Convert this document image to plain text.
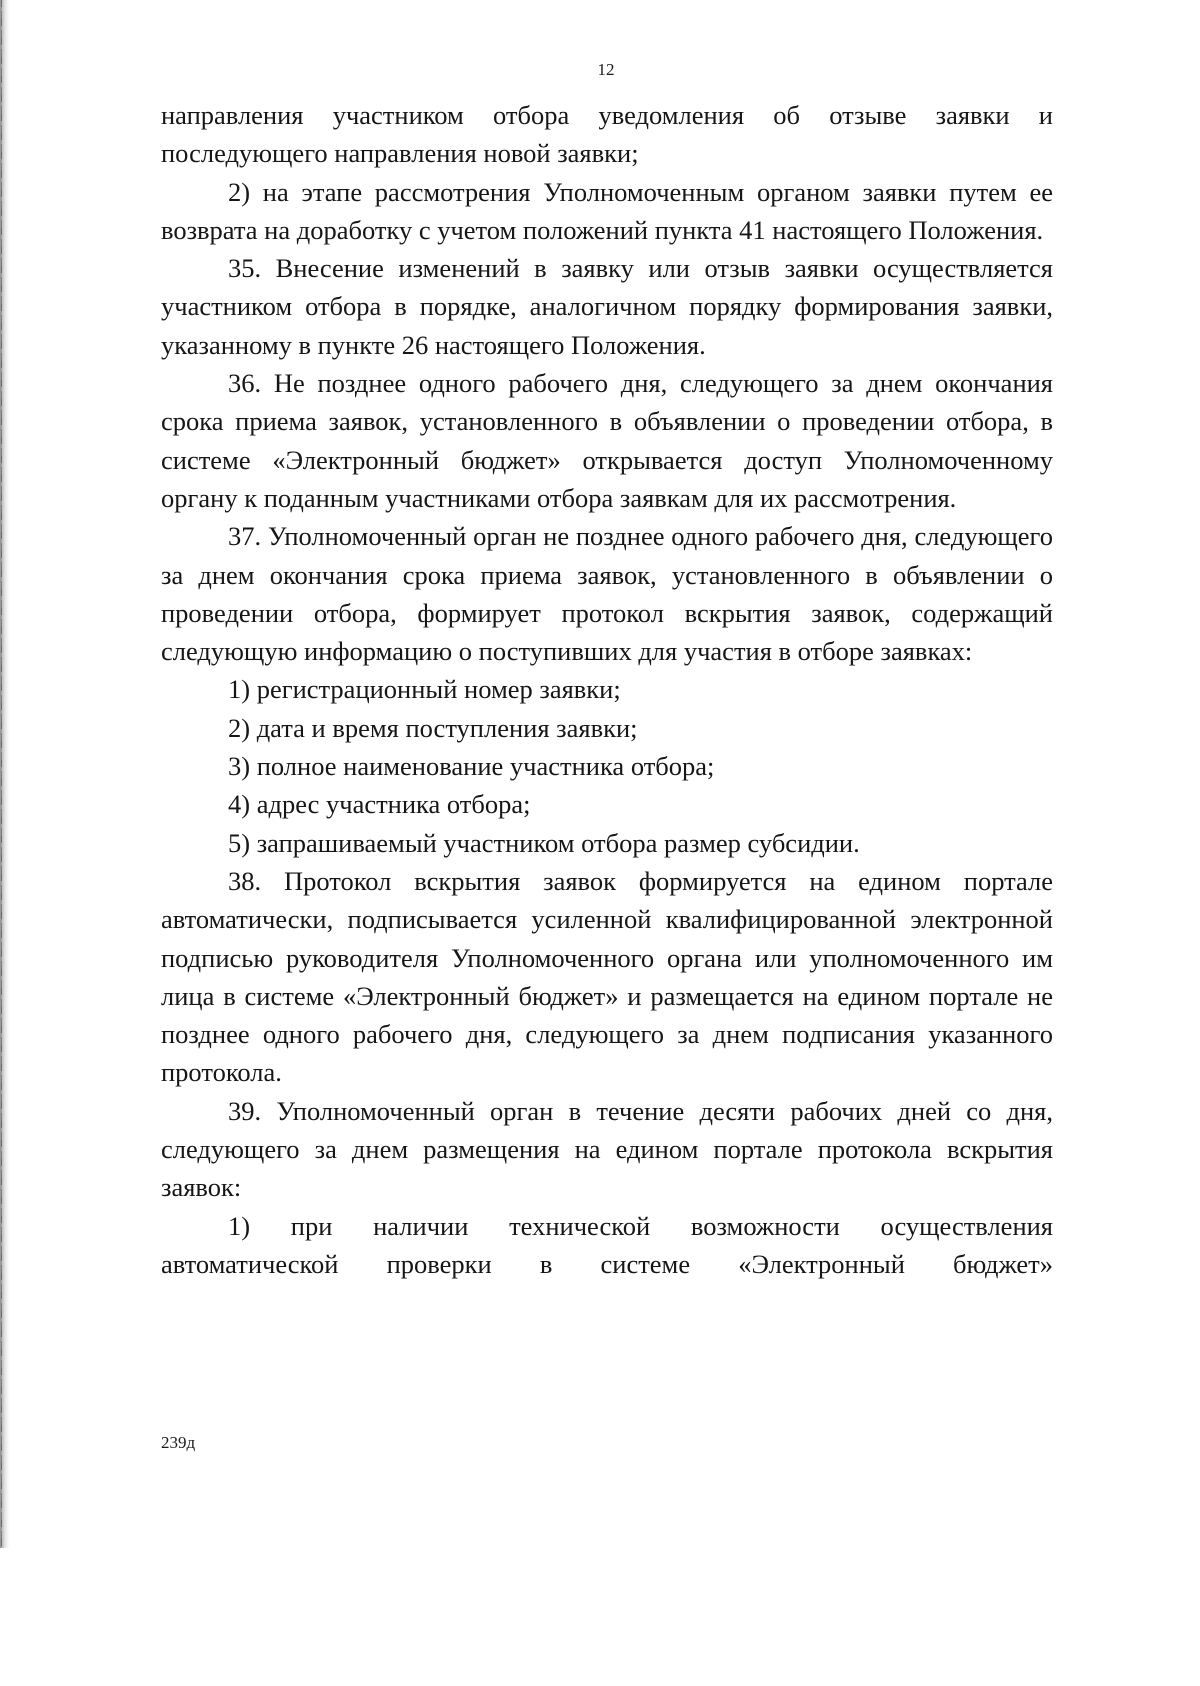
12

направления участником отбора уведомления об отзыве заявки и последующего направления новой заявки;

2) на этапе рассмотрения Уполномоченным органом заявки путем ее возврата на доработку с учетом положений пункта 41 настоящего Положения.

35. Внесение изменений в заявку или отзыв заявки осуществляется участником отбора в порядке, аналогичном порядку формирования заявки, указанному в пункте 26 настоящего Положения.

36. Не позднее одного рабочего дня, следующего за днем окончания срока приема заявок, установленного в объявлении о проведении отбора, в системе «Электронный бюджет» открывается доступ Уполномоченному органу к поданным участниками отбора заявкам для их рассмотрения.

37. Уполномоченный орган не позднее одного рабочего дня, следующего за днем окончания срока приема заявок, установленного в объявлении о проведении отбора, формирует протокол вскрытия заявок, содержащий следующую информацию о поступивших для участия в отборе заявках:

1) регистрационный номер заявки;

2) дата и время поступления заявки;

3) полное наименование участника отбора;

4) адрес участника отбора;

5) запрашиваемый участником отбора размер субсидии.

38. Протокол вскрытия заявок формируется на едином портале автоматически, подписывается усиленной квалифицированной электронной подписью руководителя Уполномоченного органа или уполномоченного им лица в системе «Электронный бюджет» и размещается на едином портале не позднее одного рабочего дня, следующего за днем подписания указанного протокола.

39. Уполномоченный орган в течение десяти рабочих дней со дня, следующего за днем размещения на едином портале протокола вскрытия заявок:

1) при наличии технической возможности осуществления автоматической проверки в системе «Электронный бюджет»

239д
